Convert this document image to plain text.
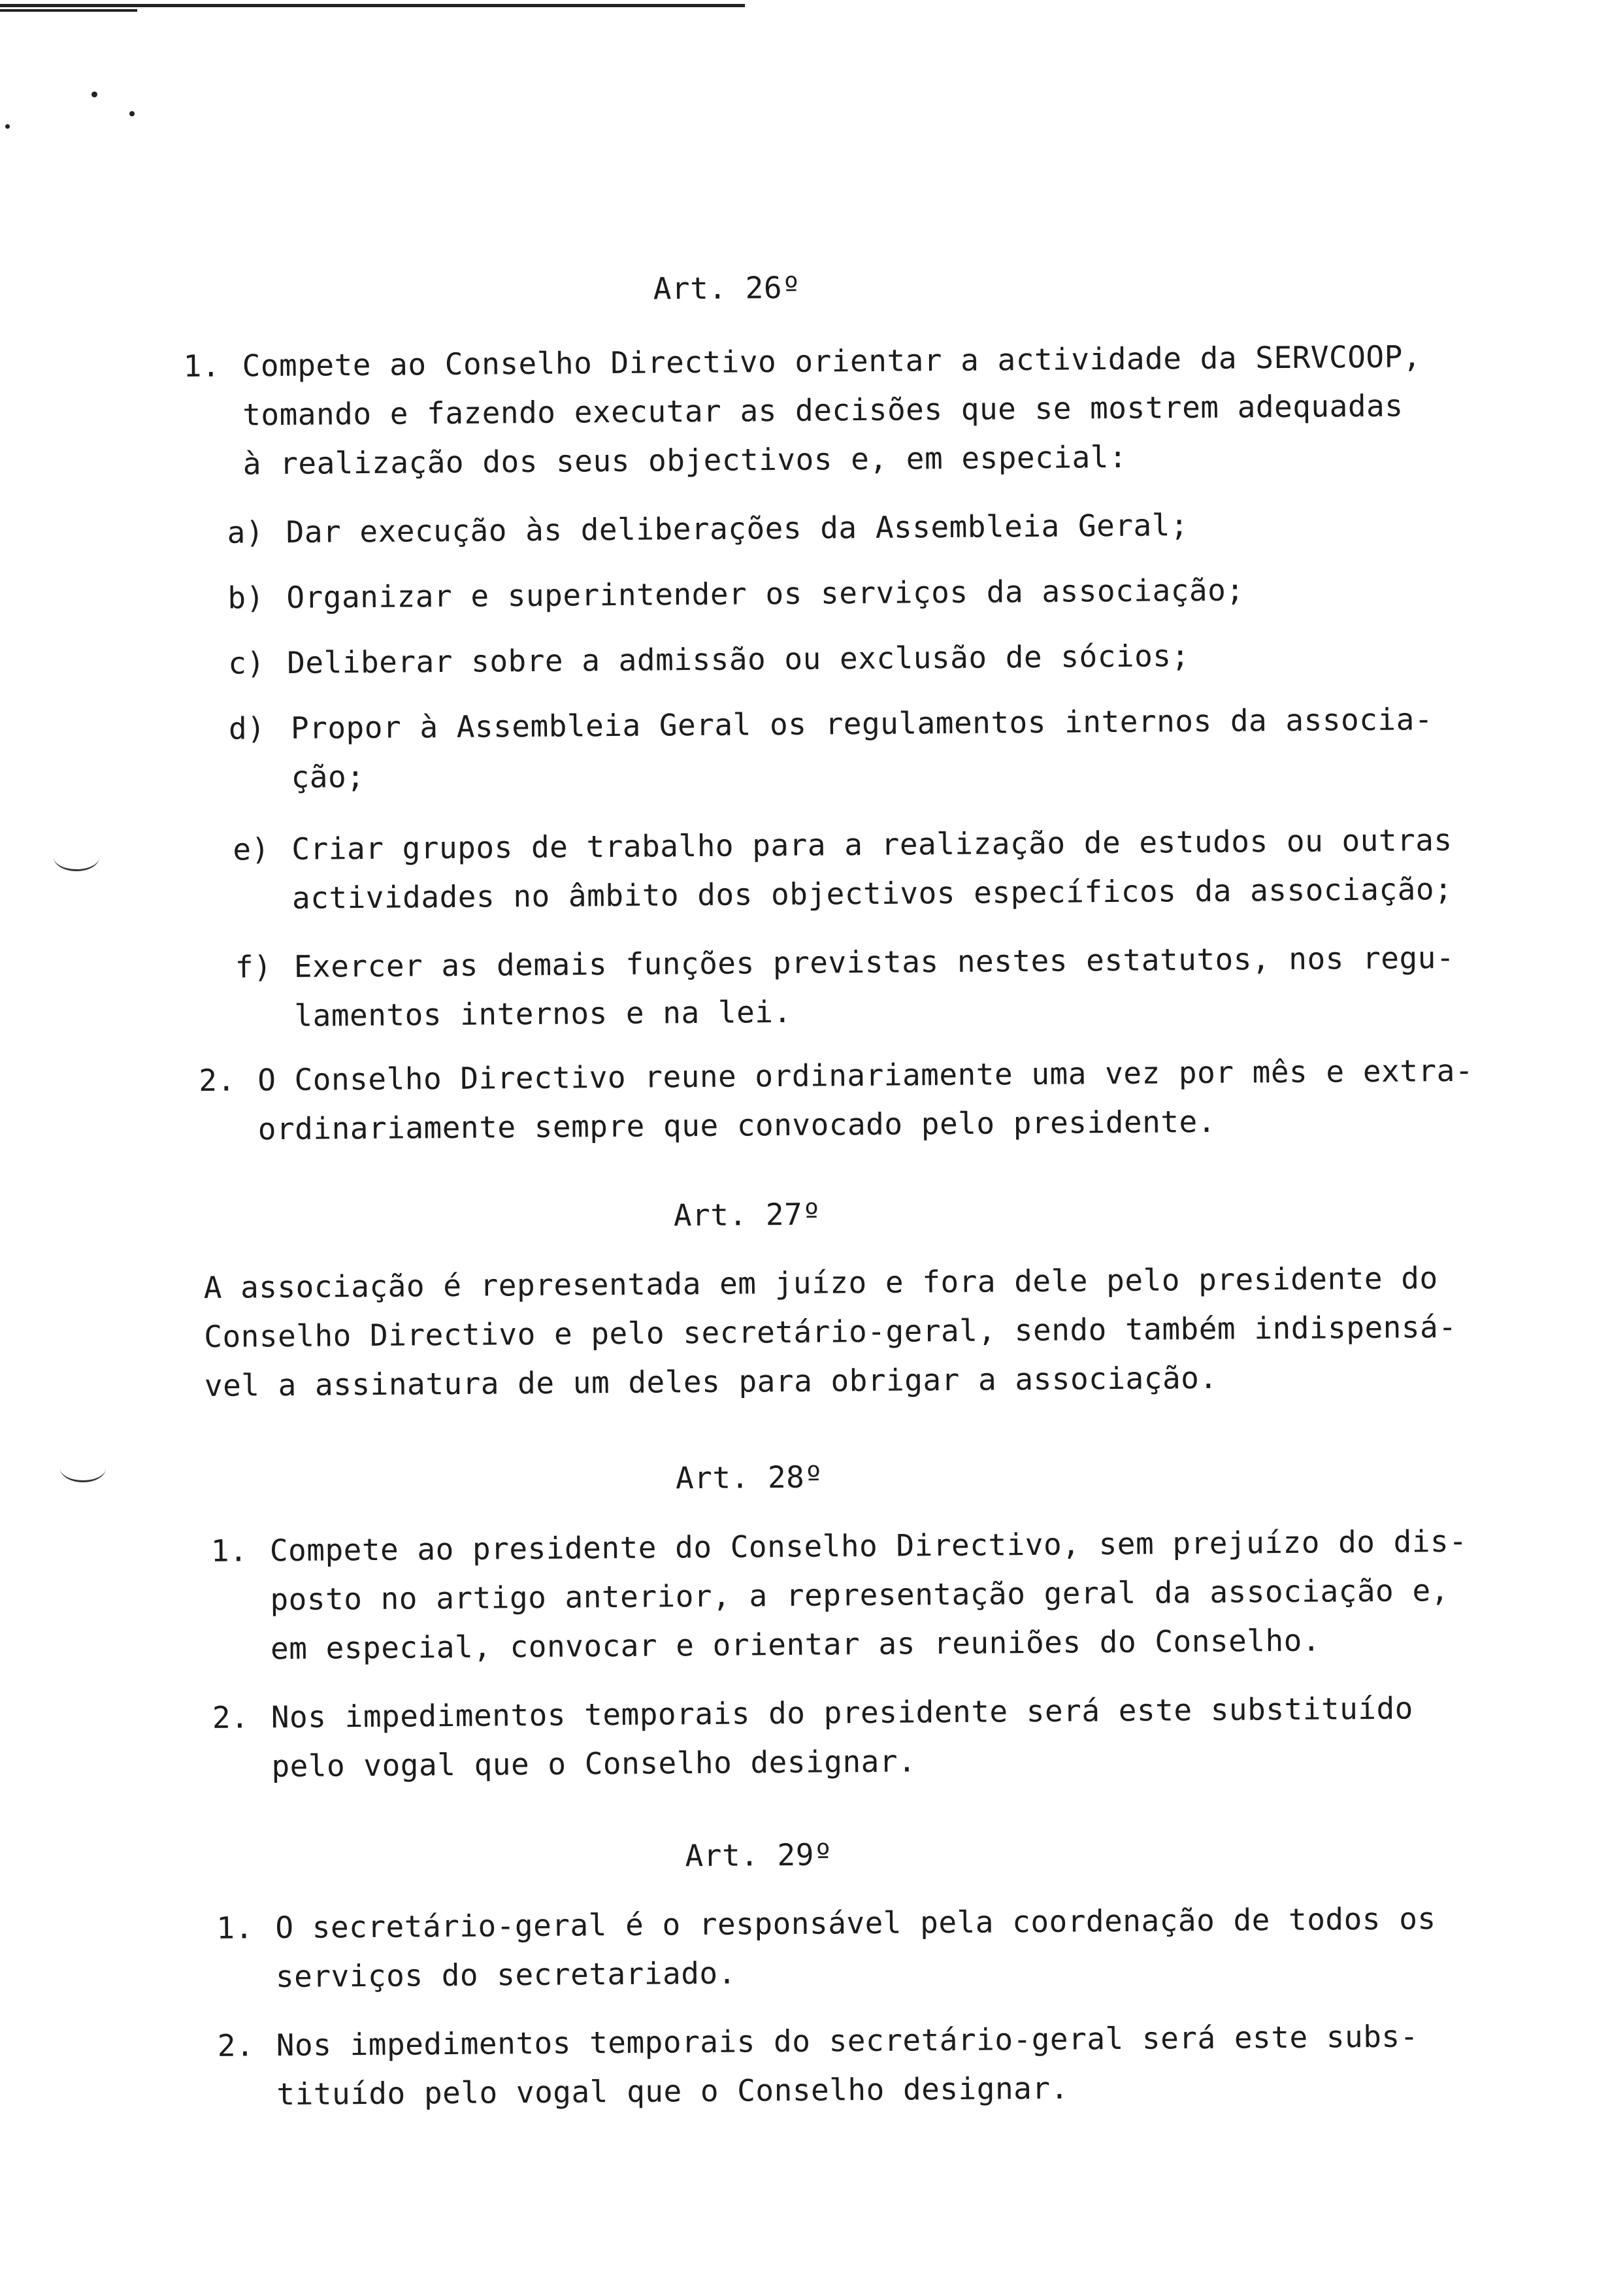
Art. 26º
1. Compete ao Conselho Directivo orientar a actividade da SERVCOOP,
tomando e fazendo executar as decisões que se mostrem adequadas
à realização dos seus objectivos e, em especial:
a) Dar execução às deliberações da Assembleia Geral;
b) Organizar e superintender os serviços da associação;
c) Deliberar sobre a admissão ou exclusão de sócios;
d) Propor à Assembleia Geral os regulamentos internos da associa-
ção;
e) Criar grupos de trabalho para a realização de estudos ou outras
actividades no âmbito dos objectivos específicos da associação;
f) Exercer as demais funções previstas nestes estatutos, nos regu-
lamentos internos e na lei.
2. O Conselho Directivo reune ordinariamente uma vez por mês e extra-
ordinariamente sempre que convocado pelo presidente.
Art. 27º
A associação é representada em juízo e fora dele pelo presidente do
Conselho Directivo e pelo secretário-geral, sendo também indispensá-
vel a assinatura de um deles para obrigar a associação.
Art. 28º
1. Compete ao presidente do Conselho Directivo, sem prejuízo do dis-
posto no artigo anterior, a representação geral da associação e,
em especial, convocar e orientar as reuniões do Conselho.
2. Nos impedimentos temporais do presidente será este substituído
pelo vogal que o Conselho designar.
Art. 29º
1. O secretário-geral é o responsável pela coordenação de todos os
serviços do secretariado.
2. Nos impedimentos temporais do secretário-geral será este subs-
tituído pelo vogal que o Conselho designar.
